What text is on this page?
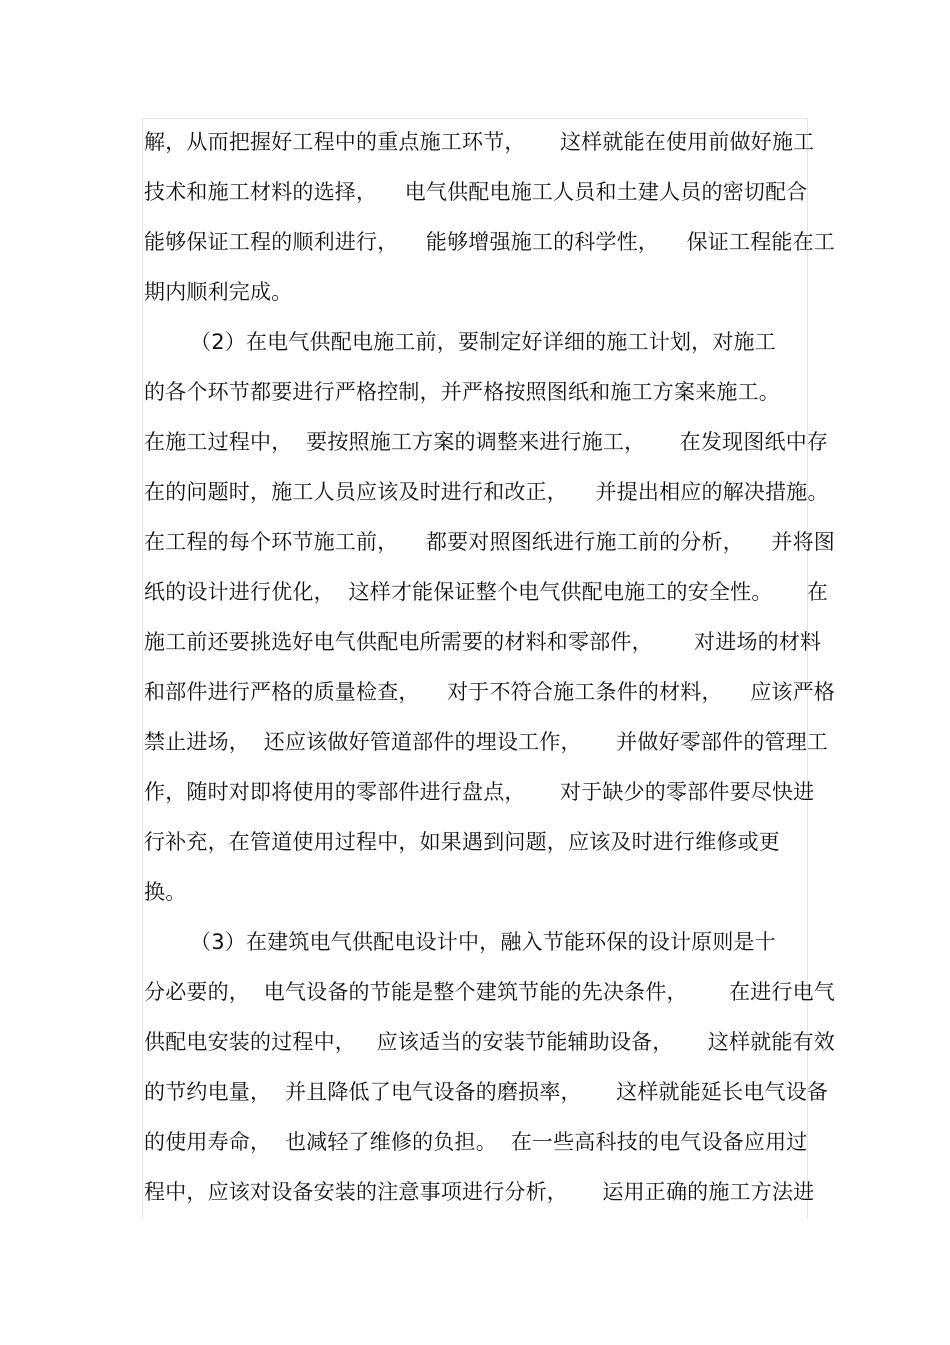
解，从而把握好工程中的重点施工环节，     这样就能在使用前做好施工
技术和施工材料的选择，    电气供配电施工人员和土建人员的密切配合
能够保证工程的顺利进行，    能够增强施工的科学性，    保证工程能在工
期内顺利完成。
（2）在电气供配电施工前，要制定好详细的施工计划，对施工
的各个环节都要进行严格控制，并严格按照图纸和施工方案来施工。
在施工过程中，  要按照施工方案的调整来进行施工，     在发现图纸中存
在的问题时，施工人员应该及时进行和改正，    并提出相应的解决措施。
在工程的每个环节施工前，    都要对照图纸进行施工前的分析，    并将图
纸的设计进行优化，  这样才能保证整个电气供配电施工的安全性。     在
施工前还要挑选好电气供配电所需要的材料和零部件，      对进场的材料
和部件进行严格的质量检查，    对于不符合施工条件的材料，    应该严格
禁止进场，  还应该做好管道部件的埋设工作，     并做好零部件的管理工
作，随时对即将使用的零部件进行盘点，     对于缺少的零部件要尽快进
行补充，在管道使用过程中，如果遇到问题，应该及时进行维修或更
换。
（3）在建筑电气供配电设计中，融入节能环保的设计原则是十
分必要的，  电气设备的节能是整个建筑节能的先决条件，      在进行电气
供配电安装的过程中，   应该适当的安装节能辅助设备，     这样就能有效
的节约电量，  并且降低了电气设备的磨损率，     这样就能延长电气设备
的使用寿命，  也减轻了维修的负担。  在一些高科技的电气设备应用过
程中，应该对设备安装的注意事项进行分析，     运用正确的施工方法进
